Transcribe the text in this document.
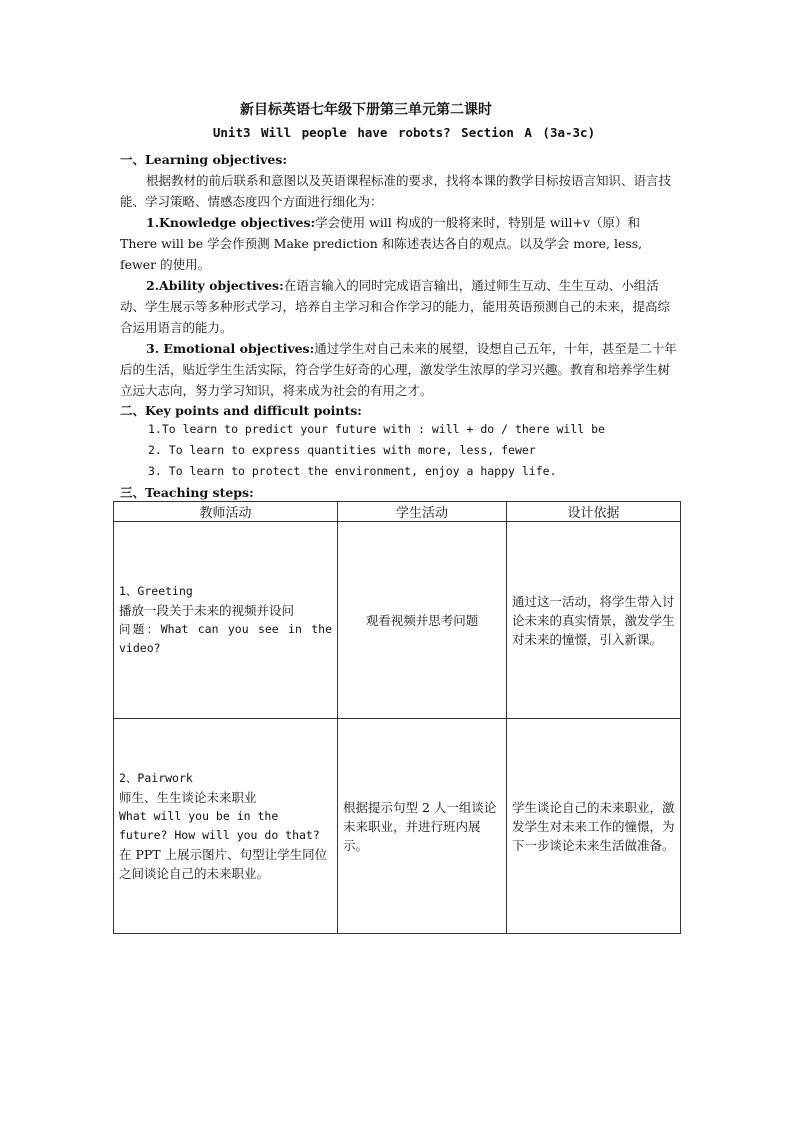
新目标英语七年级下册第三单元第二课时
Unit3 Will people have robots? Section A (3a-3c)
一、Learning objectives:
根据教材的前后联系和意图以及英语课程标准的要求，找将本课的教学目标按语言知识、语言技能、学习策略、情感态度四个方面进行细化为：
1.Knowledge objectives:学会使用 will 构成的一般将来时，特别是 will+v（原）和 There will be 学会作预测 Make prediction 和陈述表达各自的观点。以及学会 more, less, fewer 的使用。
2.Ability objectives:在语言输入的同时完成语言输出，通过师生互动、生生互动、小组活动、学生展示等多种形式学习，培养自主学习和合作学习的能力，能用英语预测自己的未来，提高综合运用语言的能力。
3. Emotional objectives:通过学生对自己未来的展望，设想自己五年，十年，甚至是二十年后的生活，贴近学生生活实际，符合学生好奇的心理，激发学生浓厚的学习兴趣。教育和培养学生树立远大志向，努力学习知识，将来成为社会的有用之才。
二、Key points and difficult points:
1.To learn to predict your future with : will + do / there will be
2. To learn to express quantities with more, less, fewer
3. To learn to protect the environment, enjoy a happy life.
三、Teaching steps:
教师活动	学生活动	设计依据

1、Greeting
播放一段关于未来的视频并设问
问题：What can you see in the video?	观看视频并思考问题	通过这一活动，将学生带入讨论未来的真实情景，激发学生对未来的憧憬，引入新课。

2、Pairwork
师生、生生谈论未来职业
What will you be in the future? How will you do that?
在 PPT 上展示图片、句型让学生同位之间谈论自己的未来职业。	根据提示句型 2 人一组谈论未来职业，并进行班内展示。	学生谈论自己的未来职业，激发学生对未来工作的憧憬，为下一步谈论未来生活做准备。
